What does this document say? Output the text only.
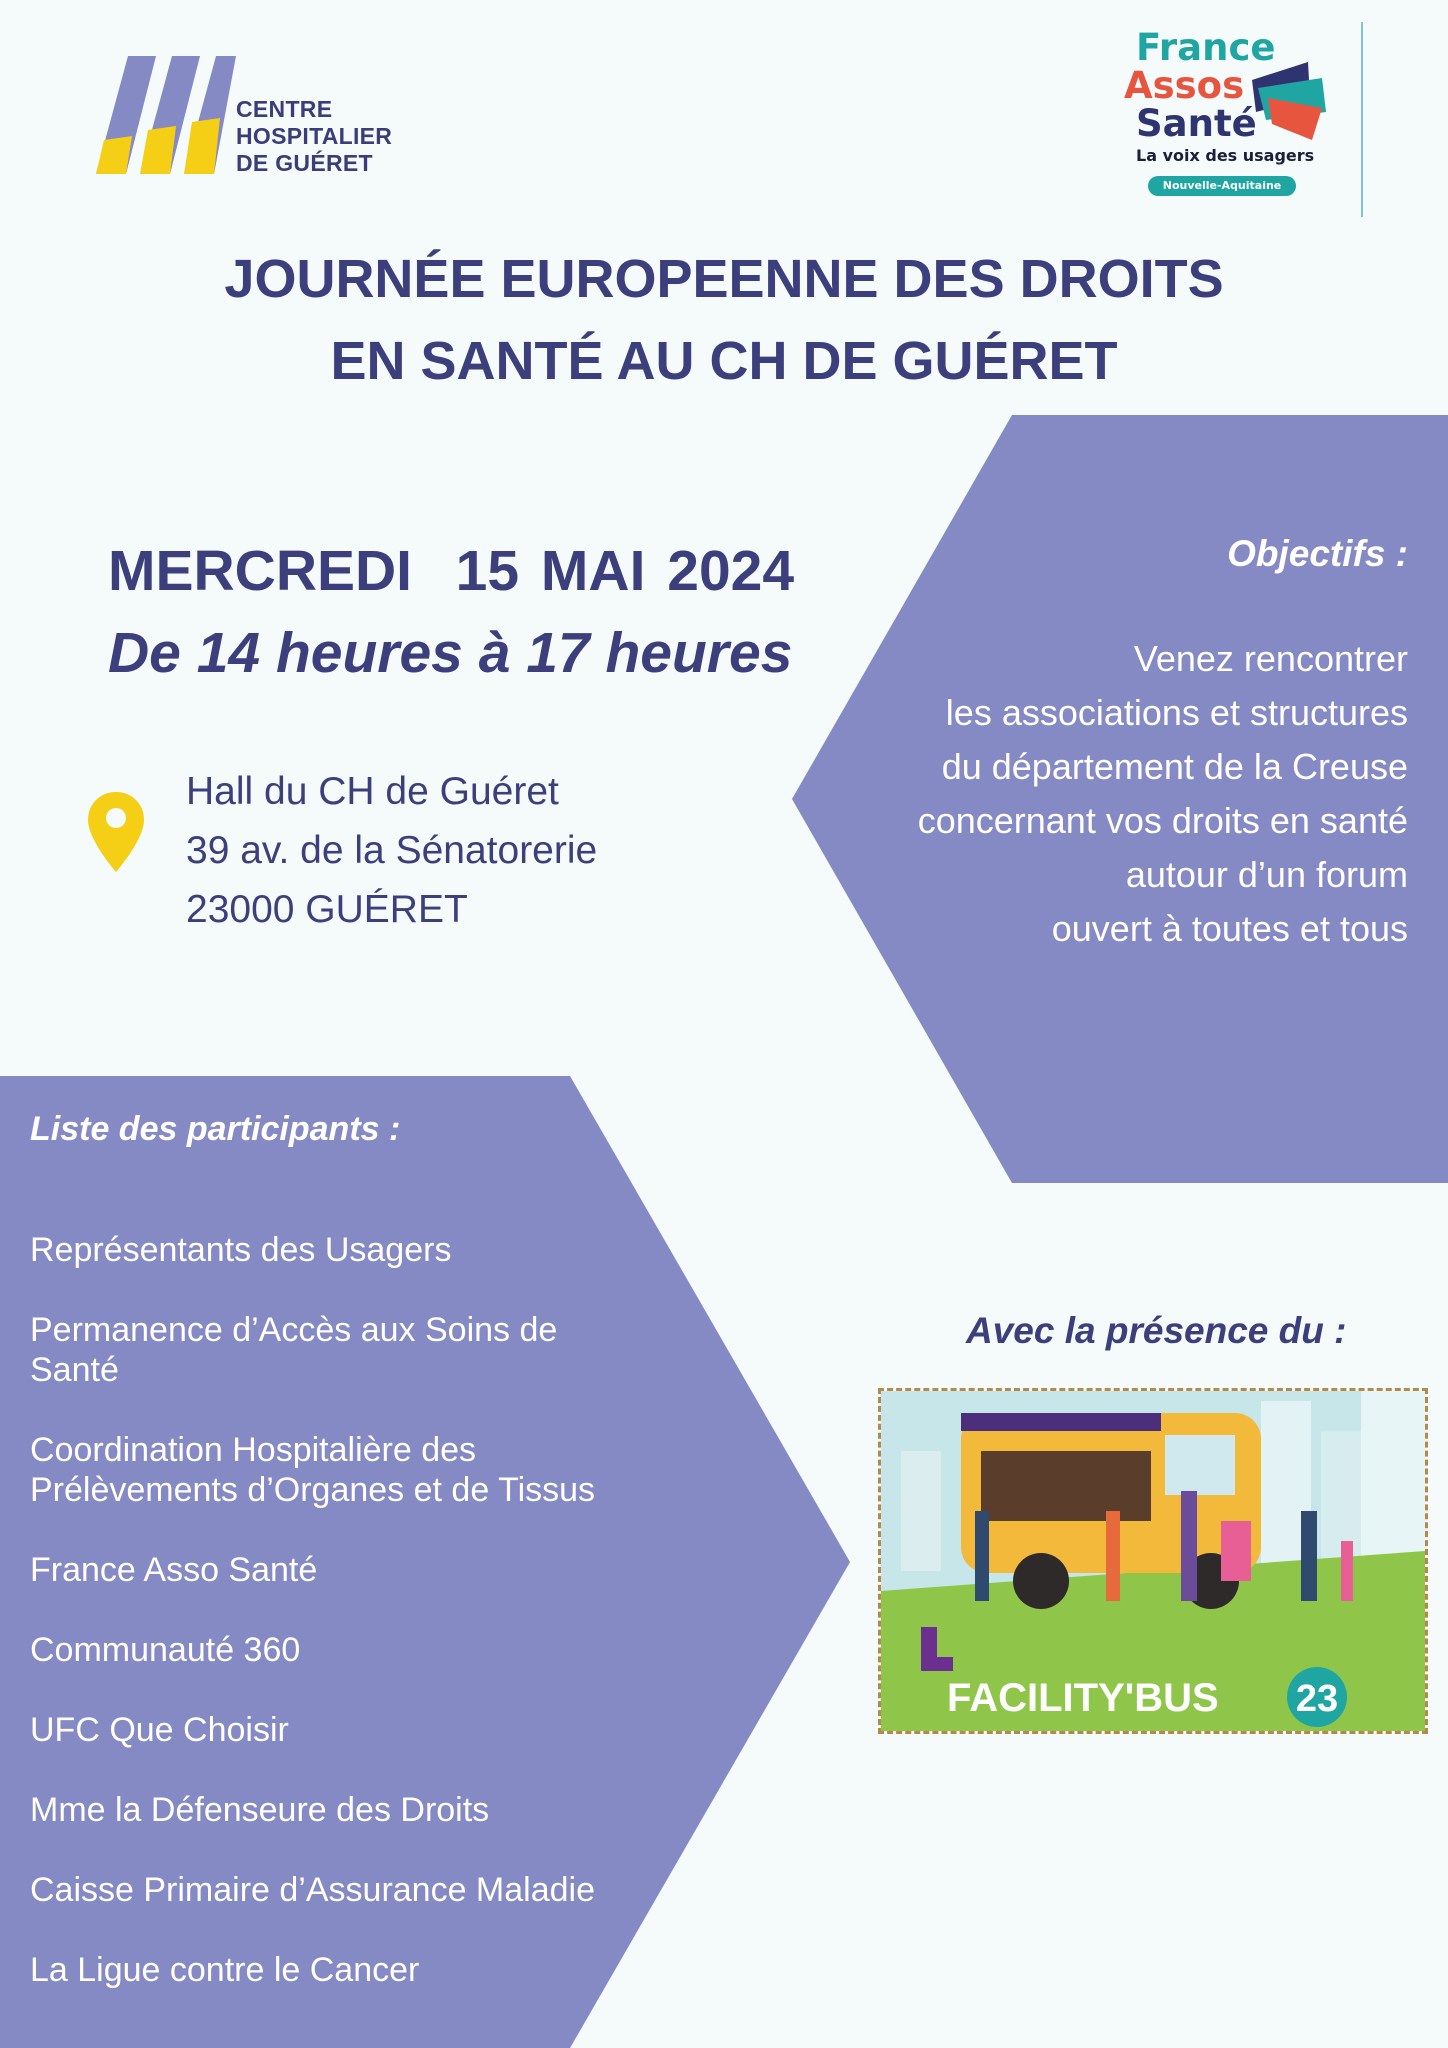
CENTRE
HOSPITALIER
DE GUÉRET
France
Assos
Santé
La voix des usagers
Nouvelle-Aquitaine
JOURNÉE EUROPEENNE DES DROITS
EN SANTÉ AU CH DE GUÉRET
MERCREDI  15 MAI 2024
De 14 heures à 17 heures
Hall du CH de Guéret
39 av. de la Sénatorerie
23000 GUÉRET
Objectifs :
Venez rencontrer
les associations et structures
du département de la Creuse
concernant vos droits en santé
autour d’un forum
ouvert à toutes et tous
Liste des participants :
Représentants des Usagers
Permanence d’Accès aux Soins de Santé
Coordination Hospitalière des Prélèvements d’Organes et de Tissus
France Asso Santé
Communauté 360
UFC Que Choisir
Mme la Défenseure des Droits
Caisse Primaire d’Assurance Maladie
La Ligue contre le Cancer
Avec la présence du :
FACILITY'BUS 23
